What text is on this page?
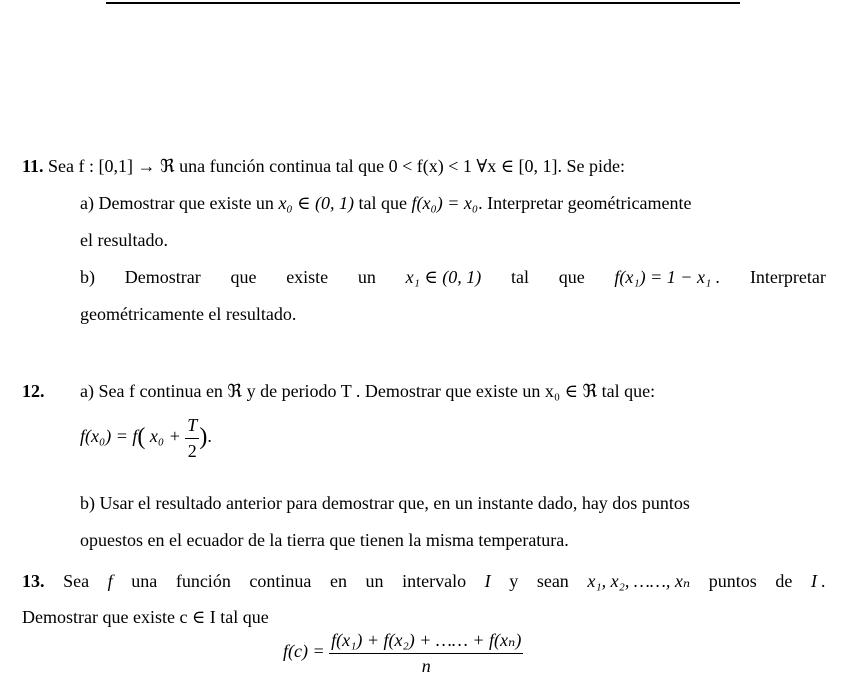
11. Sea f : [0,1] → ℜ una función continua tal que 0 < f(x) < 1 ∀x ∈ [0, 1]. Se pide:
a) Demostrar que existe un x₀ ∈ (0, 1) tal que f(x₀) = x₀. Interpretar geométricamente
el resultado.
b) Demostrar que existe un x₁ ∈ (0, 1) tal que f(x₁) = 1 − x₁ . Interpretar
geométricamente el resultado.
12. a) Sea f continua en ℜ y de periodo T . Demostrar que existe un x₀ ∈ ℜ tal que:
f(x₀) = f( $x_0 + \frac{T}{2}$ ).
b) Usar el resultado anterior para demostrar que, en un instante dado, hay dos puntos
opuestos en el ecuador de la tierra que tienen la misma temperatura.
13. Sea f una función continua en un intervalo I y sean x₁, x₂, ……, xₙ puntos de I .
Demostrar que existe c ∈ I tal que
$f(c) = \frac{\text{f(x₁) + f(x₂) + …… + f(xₙ)}}{n}$
